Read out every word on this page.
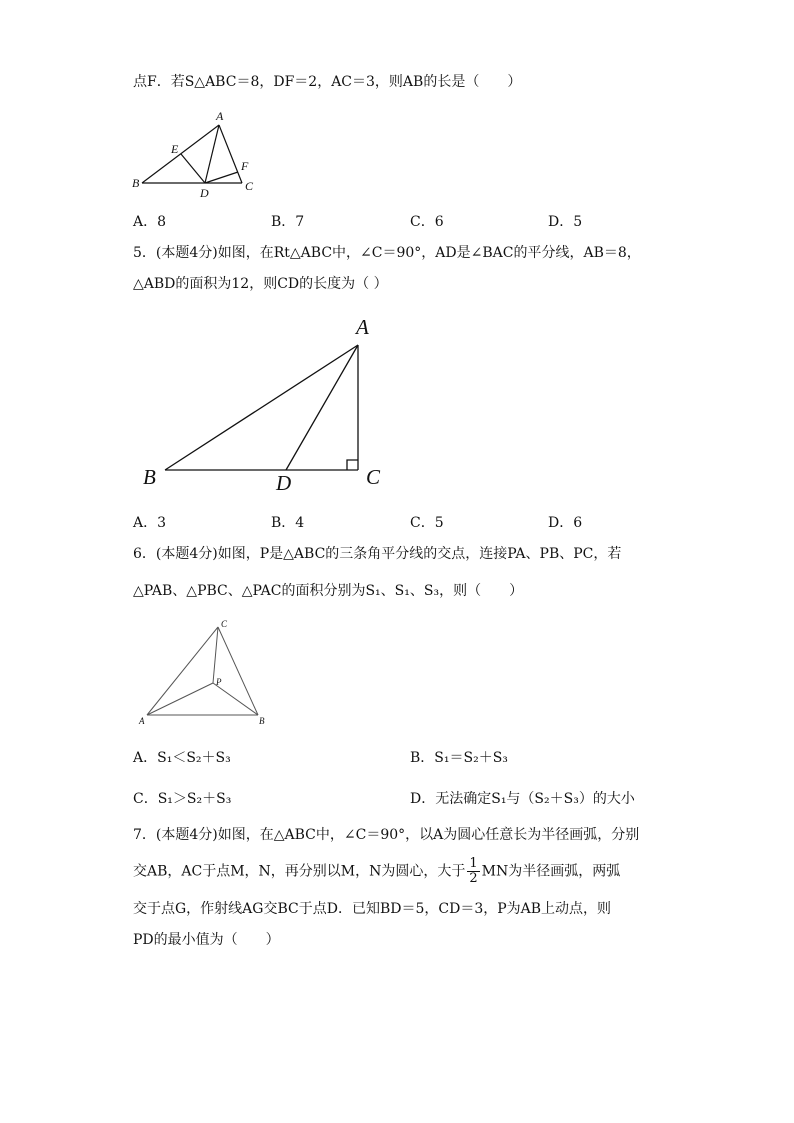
点F．若S△ABC＝8，DF＝2，AC＝3，则AB的长是（　　）
A
E
F
B
D	C
A．8	B．7	C．6	D．5
5．(本题4分)如图，在Rt△ABC中，∠C＝90°，AD是∠BAC的平分线，AB＝8，
△ABD的面积为12，则CD的长度为（ ）
A
B	D	C
A．3	B．4	C．5	D．6
6．(本题4分)如图，P是△ABC的三条角平分线的交点，连接PA、PB、PC，若
△PAB、△PBC、△PAC的面积分别为S₁、S₁、S₃，则（　　）
C
P
A	B
A．S₁＜S₂＋S₃	B．S₁＝S₂＋S₃
C．S₁＞S₂＋S₃	D．无法确定S₁与（S₂＋S₃）的大小
7．(本题4分)如图，在△ABC中，∠C＝90°，以A为圆心任意长为半径画弧，分别
交AB，AC于点M，N，再分别以M，N为圆心，大于 $\frac{1}{2}$ MN为半径画弧，两弧
交于点G，作射线AG交BC于点D．已知BD＝5，CD＝3，P为AB上动点，则
PD的最小值为（　　）
